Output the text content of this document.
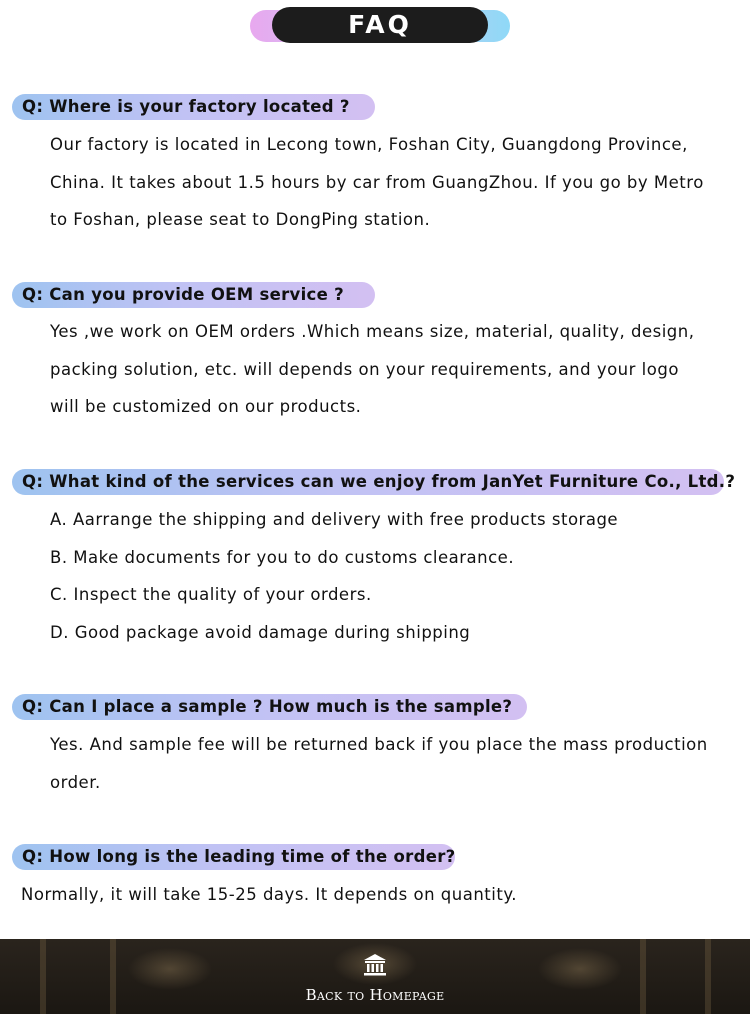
FAQ
Q: Where is your factory located ?
Our factory is located in Lecong town, Foshan City, Guangdong Province,
China. It takes about 1.5 hours by car from GuangZhou. If you go by Metro
to Foshan, please seat to DongPing station.
Q: Can you provide OEM service ?
Yes ,we work on OEM orders .Which means size, material, quality, design,
packing solution, etc. will depends on your requirements, and your logo
will be customized on our products.
Q: What kind of the services can we enjoy from JanYet Furniture Co., Ltd.?
A. Aarrange the shipping and delivery with free products storage
B. Make documents for you to do customs clearance.
C. Inspect the quality of your orders.
D. Good package avoid damage during shipping
Q: Can I place a sample ? How much is the sample?
Yes. And sample fee will be returned back if you place the mass production
order.
Q: How long is the leading time of the order?
Normally, it will take 15-25 days. It depends on quantity.
Back to Homepage
